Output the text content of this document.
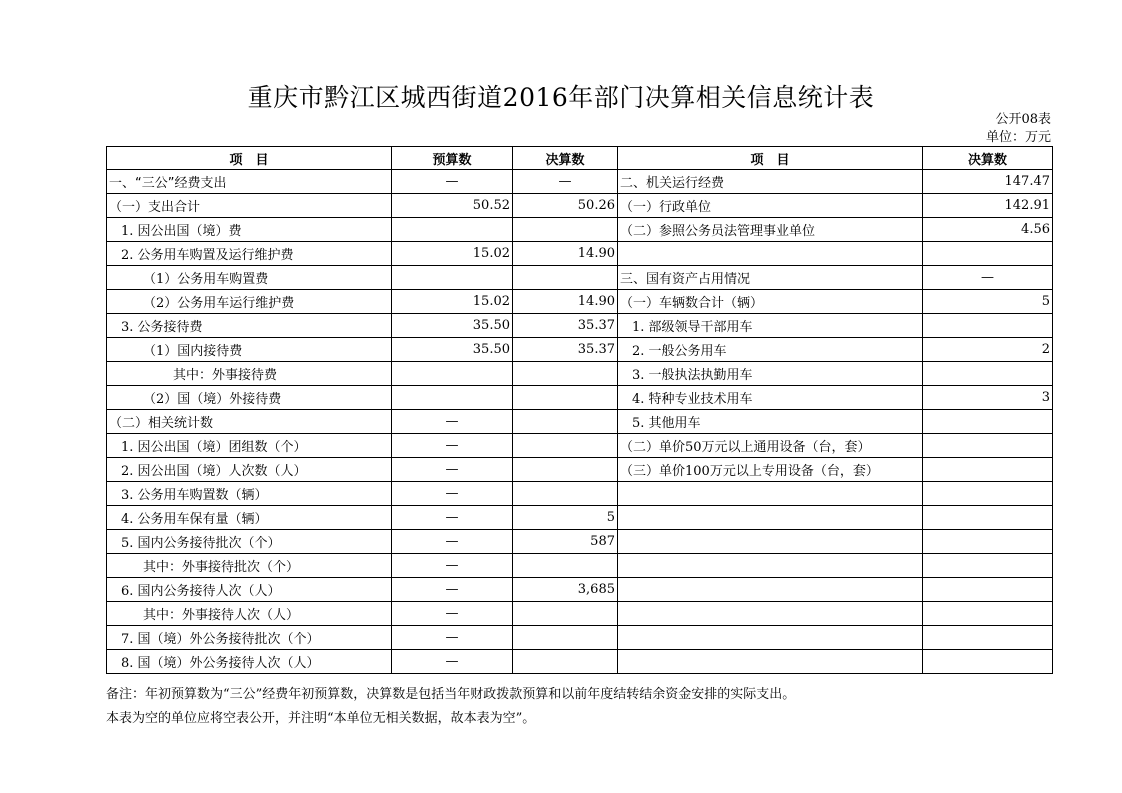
重庆市黔江区城西街道2016年部门决算相关信息统计表
公开08表
单位：万元
项　目	预算数	决算数	项　目	决算数
一、“三公”经费支出	—	—	二、机关运行经费	147.47
（一）支出合计	50.52	50.26	（一）行政单位	142.91
1. 因公出国（境）费			（二）参照公务员法管理事业单位	4.56
2. 公务用车购置及运行维护费	15.02	14.90		
（1）公务用车购置费			三、国有资产占用情况	—
（2）公务用车运行维护费	15.02	14.90	（一）车辆数合计（辆）	5
3. 公务接待费	35.50	35.37	1. 部级领导干部用车	
（1）国内接待费	35.50	35.37	2. 一般公务用车	2
其中：外事接待费			3. 一般执法执勤用车	
（2）国（境）外接待费			4. 特种专业技术用车	3
（二）相关统计数	—		5. 其他用车	
1. 因公出国（境）团组数（个）	—		（二）单价50万元以上通用设备（台，套）	
2. 因公出国（境）人次数（人）	—		（三）单价100万元以上专用设备（台，套）	
3. 公务用车购置数（辆）	—			
4. 公务用车保有量（辆）	—	5		
5. 国内公务接待批次（个）	—	587		
其中：外事接待批次（个）	—			
6. 国内公务接待人次（人）	—	3,685		
其中：外事接待人次（人）	—			
7. 国（境）外公务接待批次（个）	—			
8. 国（境）外公务接待人次（人）	—			
备注：年初预算数为“三公”经费年初预算数，决算数是包括当年财政拨款预算和以前年度结转结余资金安排的实际支出。
本表为空的单位应将空表公开，并注明“本单位无相关数据，故本表为空”。
